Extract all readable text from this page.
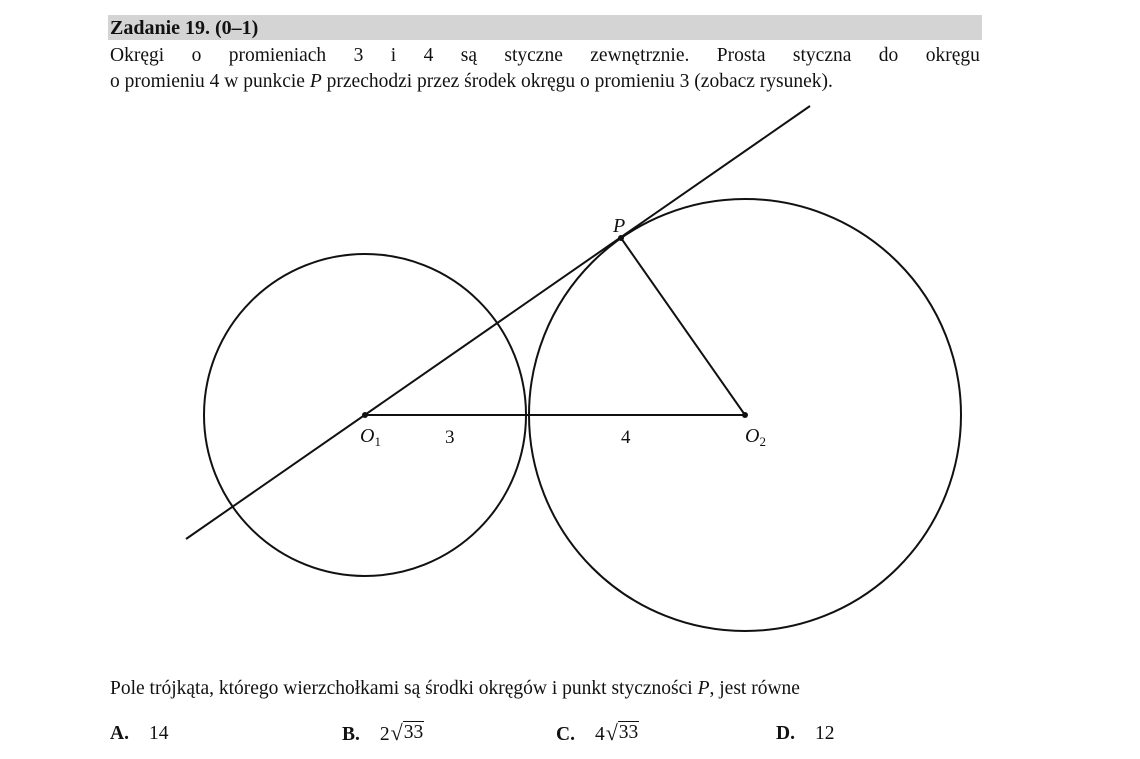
Zadanie 19. (0–1)
Okręgi o promieniach 3 i 4 są styczne zewnętrznie. Prosta styczna do okręgu
o promieniu 4 w punkcie P przechodzi przez środek okręgu o promieniu 3 (zobacz rysunek).
P
$O_1$	$O_2$
3	4
Pole trójkąta, którego wierzchołkami są środki okręgów i punkt styczności P, jest równe
A. 14	B. 2 √ 33	C. 4 √ 33	D. 12
